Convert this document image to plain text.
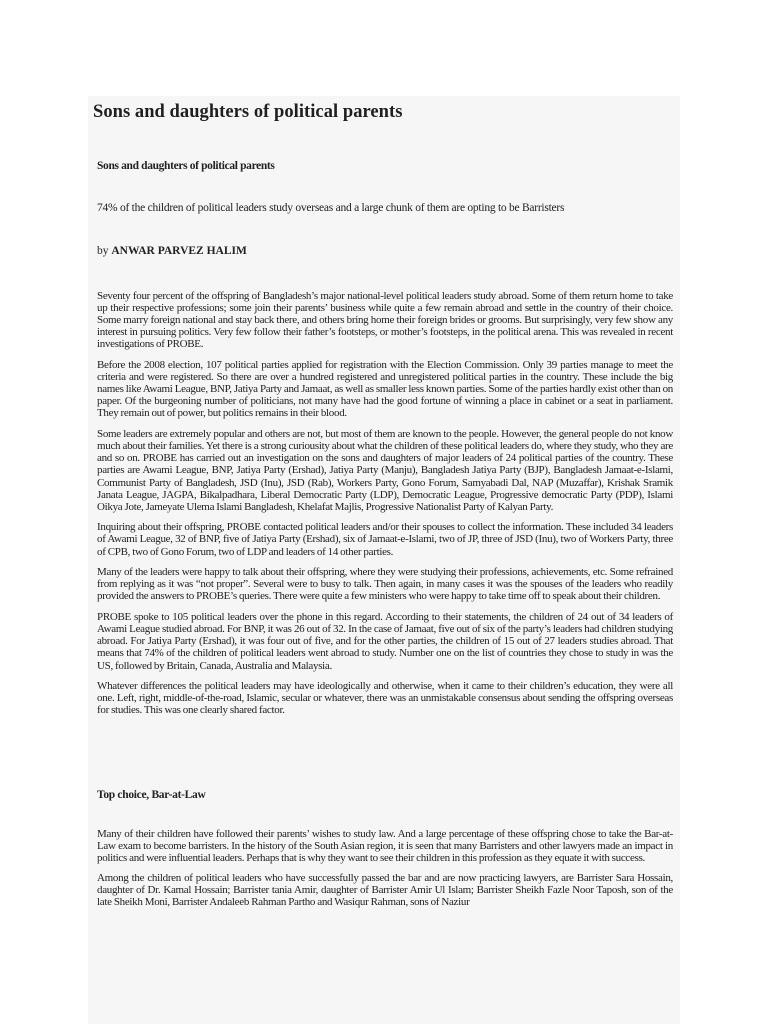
Sons and daughters of political parents
Sons and daughters of political parents
74% of the children of political leaders study overseas and a large chunk of them are opting to be Barristers
by ANWAR PARVEZ HALIM

Seventy four percent of the offspring of Bangladesh’s major national-level political leaders study abroad. Some of them return home to take up their respective professions; some join their parents’ business while quite a few remain abroad and settle in the country of their choice. Some marry foreign national and stay back there, and others bring home their foreign brides or grooms. But surprisingly, very few show any interest in pursuing politics. Very few follow their father’s footsteps, or mother’s footsteps, in the political arena. This was revealed in recent investigations of PROBE.

Before the 2008 election, 107 political parties applied for registration with the Election Commission. Only 39 parties manage to meet the criteria and were registered. So there are over a hundred registered and unregistered political parties in the country. These include the big names like Awami League, BNP, Jatiya Party and Jamaat, as well as smaller less known parties. Some of the parties hardly exist other than on paper. Of the burgeoning number of politicians, not many have had the good fortune of winning a place in cabinet or a seat in parliament. They remain out of power, but politics remains in their blood.

Some leaders are extremely popular and others are not, but most of them are known to the people. However, the general people do not know much about their families. Yet there is a strong curiousity about what the children of these political leaders do, where they study, who they are and so on. PROBE has carried out an investigation on the sons and daughters of major leaders of 24 political parties of the country. These parties are Awami League, BNP, Jatiya Party (Ershad), Jatiya Party (Manju), Bangladesh Jatiya Party (BJP), Bangladesh Jamaat-e-Islami, Communist Party of Bangladesh, JSD (Inu), JSD (Rab), Workers Party, Gono Forum, Samyabadi Dal, NAP (Muzaffar), Krishak Sramik Janata League, JAGPA, Bikalpadhara, Liberal Democratic Party (LDP), Democratic League, Progressive democratic Party (PDP), Islami Oikya Jote, Jameyate Ulema Islami Bangladesh, Khelafat Majlis, Progressive Nationalist Party of Kalyan Party.

Inquiring about their offspring, PROBE contacted political leaders and/or their spouses to collect the information. These included 34 leaders of Awami League, 32 of BNP, five of Jatiya Party (Ershad), six of Jamaat-e-Islami, two of JP, three of JSD (Inu), two of Workers Party, three of CPB, two of Gono Forum, two of LDP and leaders of 14 other parties.

Many of the leaders were happy to talk about their offspring, where they were studying their professions, achievements, etc. Some refrained from replying as it was “not proper”. Several were to busy to talk. Then again, in many cases it was the spouses of the leaders who readily provided the answers to PROBE’s queries. There were quite a few ministers who were happy to take time off to speak about their children.

PROBE spoke to 105 political leaders over the phone in this regard. According to their statements, the children of 24 out of 34 leaders of Awami League studied abroad. For BNP, it was 26 out of 32. In the case of Jamaat, five out of six of the party’s leaders had children studying abroad. For Jatiya Party (Ershad), it was four out of five, and for the other parties, the children of 15 out of 27 leaders studies abroad. That means that 74% of the children of political leaders went abroad to study. Number one on the list of countries they chose to study in was the US, followed by Britain, Canada, Australia and Malaysia.

Whatever differences the political leaders may have ideologically and otherwise, when it came to their children’s education, they were all one. Left, right, middle-of-the-road, Islamic, secular or whatever, there was an unmistakable consensus about sending the offspring overseas for studies. This was one clearly shared factor.

Top choice, Bar-at-Law

Many of their children have followed their parents’ wishes to study law. And a large percentage of these offspring chose to take the Bar-at-Law exam to become barristers. In the history of the South Asian region, it is seen that many Barristers and other lawyers made an impact in politics and were influential leaders. Perhaps that is why they want to see their children in this profession as they equate it with success.

Among the children of political leaders who have successfully passed the bar and are now practicing lawyers, are Barrister Sara Hossain, daughter of Dr. Kamal Hossain; Barrister tania Amir, daughter of Barrister Amir Ul Islam; Barrister Sheikh Fazle Noor Taposh, son of the late Sheikh Moni, Barrister Andaleeb Rahman Partho and Wasiqur Rahman, sons of Naziur
